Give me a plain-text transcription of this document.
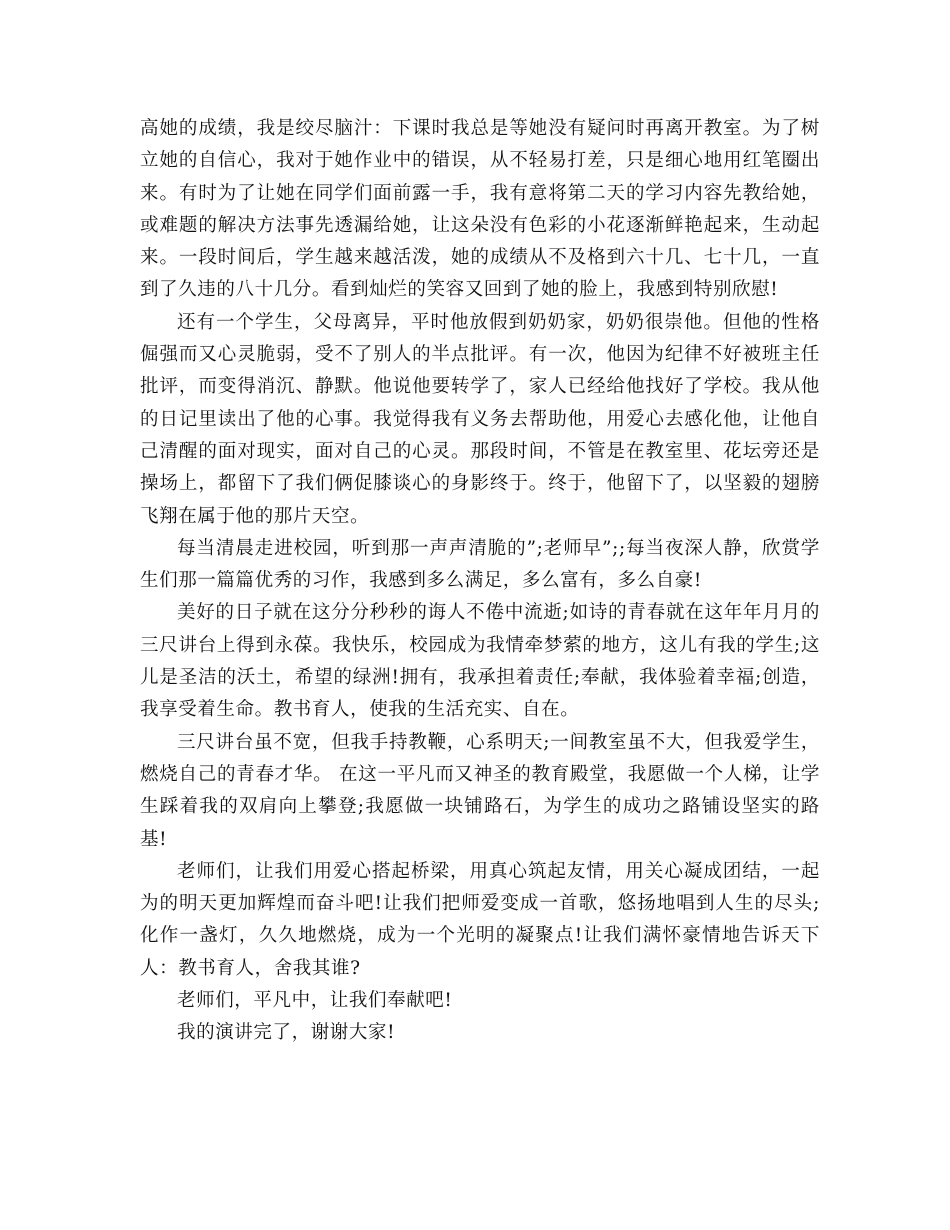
高她的成绩，我是绞尽脑汁：下课时我总是等她没有疑问时再离开教室。为了树立她的自信心，我对于她作业中的错误，从不轻易打差，只是细心地用红笔圈出来。有时为了让她在同学们面前露一手，我有意将第二天的学习内容先教给她，或难题的解决方法事先透漏给她，让这朵没有色彩的小花逐渐鲜艳起来，生动起来。一段时间后，学生越来越活泼，她的成绩从不及格到六十几、七十几，一直到了久违的八十几分。看到灿烂的笑容又回到了她的脸上，我感到特别欣慰!

还有一个学生，父母离异，平时他放假到奶奶家，奶奶很崇他。但他的性格倔强而又心灵脆弱，受不了别人的半点批评。有一次，他因为纪律不好被班主任批评，而变得消沉、静默。他说他要转学了，家人已经给他找好了学校。我从他的日记里读出了他的心事。我觉得我有义务去帮助他，用爱心去感化他，让他自己清醒的面对现实，面对自己的心灵。那段时间，不管是在教室里、花坛旁还是操场上，都留下了我们俩促膝谈心的身影终于。终于，他留下了，以坚毅的翅膀飞翔在属于他的那片天空。

每当清晨走进校园，听到那一声声清脆的”;老师早”;;每当夜深人静，欣赏学生们那一篇篇优秀的习作，我感到多么满足，多么富有，多么自豪!

美好的日子就在这分分秒秒的诲人不倦中流逝;如诗的青春就在这年年月月的三尺讲台上得到永葆。我快乐，校园成为我情牵梦萦的地方，这儿有我的学生;这儿是圣洁的沃土，希望的绿洲!拥有，我承担着责任;奉献，我体验着幸福;创造，我享受着生命。教书育人，使我的生活充实、自在。

三尺讲台虽不宽，但我手持教鞭，心系明天;一间教室虽不大，但我爱学生，燃烧自己的青春才华。 在这一平凡而又神圣的教育殿堂，我愿做一个人梯，让学生踩着我的双肩向上攀登;我愿做一块铺路石，为学生的成功之路铺设坚实的路基!

老师们，让我们用爱心搭起桥梁，用真心筑起友情，用关心凝成团结，一起为的明天更加辉煌而奋斗吧!让我们把师爱变成一首歌，悠扬地唱到人生的尽头;化作一盏灯，久久地燃烧，成为一个光明的凝聚点!让我们满怀豪情地告诉天下人：教书育人，舍我其谁?

老师们，平凡中，让我们奉献吧!

我的演讲完了，谢谢大家!
